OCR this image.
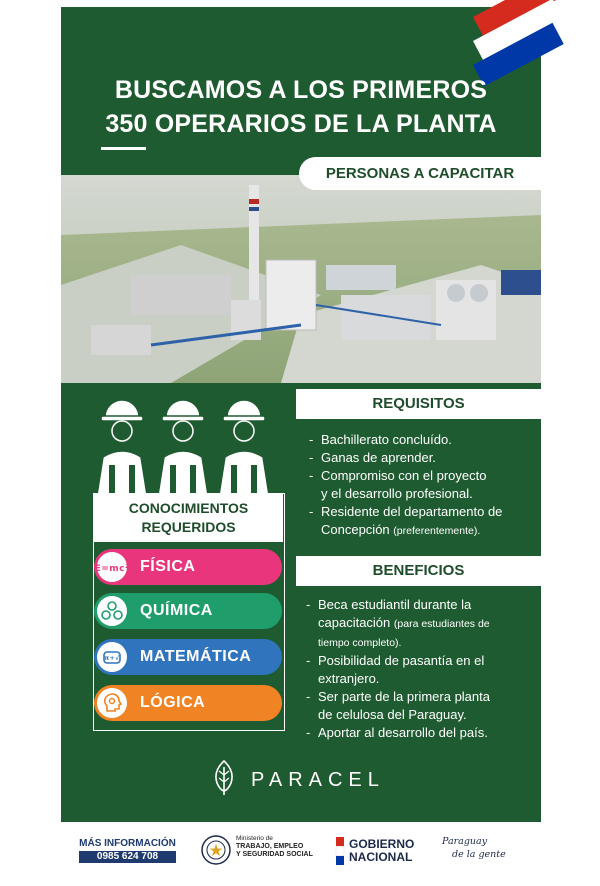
BUSCAMOS A LOS PRIMEROS
350 OPERARIOS DE LA PLANTA
PERSONAS A CAPACITAR
CONOCIMIENTOS
REQUERIDOS
E=mc² FÍSICA
QUÍMICA
π+√ MATEMÁTICA
LÓGICA
REQUISITOS
- Bachillerato concluído.
- Ganas de aprender.
- Compromiso con el proyecto
y el desarrollo profesional.
- Residente del departamento de
Concepción (preferentemente).
BENEFICIOS
- Beca estudiantil durante la
capacitación (para estudiantes de
tiempo completo).
- Posibilidad de pasantía en el
extranjero.
- Ser parte de la primera planta
de celulosa del Paraguay.
- Aportar al desarrollo del país.
PARACEL
MÁS INFORMACIÓN
0985 624 708
Ministerio de
TRABAJO, EMPLEO
Y SEGURIDAD SOCIAL
GOBIERNO
NACIONAL
Paraguay
de la gente
